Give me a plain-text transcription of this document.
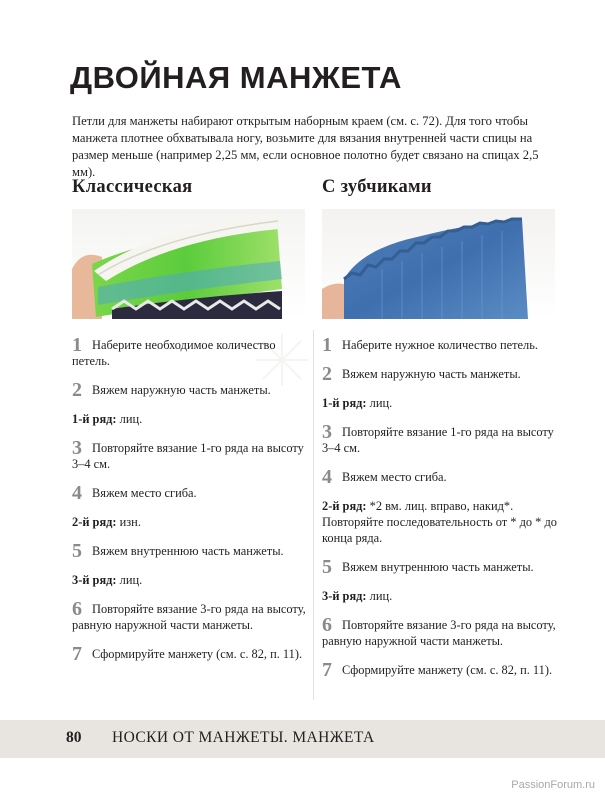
ДВОЙНАЯ МАНЖЕТА

Петли для манжеты набирают открытым наборным краем (см. с. 72). Для того чтобы манжета плотнее обхватывала ногу, возьмите для вязания внутренней части спицы на размер меньше (например 2,25 мм, если основное полотно будет связано на спицах 2,5 мм).

Классическая
1 Наберите необходимое количество петель.
2 Вяжем наружную часть манжеты.
1-й ряд: лиц.
3 Повторяйте вязание 1-го ряда на высоту 3–4 см.
4 Вяжем место сгиба.
2-й ряд: изн.
5 Вяжем внутреннюю часть манжеты.
3-й ряд: лиц.
6 Повторяйте вязание 3-го ряда на высоту, равную наружной части манжеты.
7 Сформируйте манжету (см. с. 82, п. 11).
С зубчиками
1 Наберите нужное количество петель.
2 Вяжем наружную часть манжеты.
1-й ряд: лиц.
3 Повторяйте вязание 1-го ряда на высоту 3–4 см.
4 Вяжем место сгиба.
2-й ряд: *2 вм. лиц. вправо, накид*. Повторяйте последовательность от * до * до конца ряда.
5 Вяжем внутреннюю часть манжеты.
3-й ряд: лиц.
6 Повторяйте вязание 3-го ряда на высоту, равную наружной части манжеты.
7 Сформируйте манжету (см. с. 82, п. 11).
80 НОСКИ ОТ МАНЖЕТЫ. МАНЖЕТА
PassionForum.ru
